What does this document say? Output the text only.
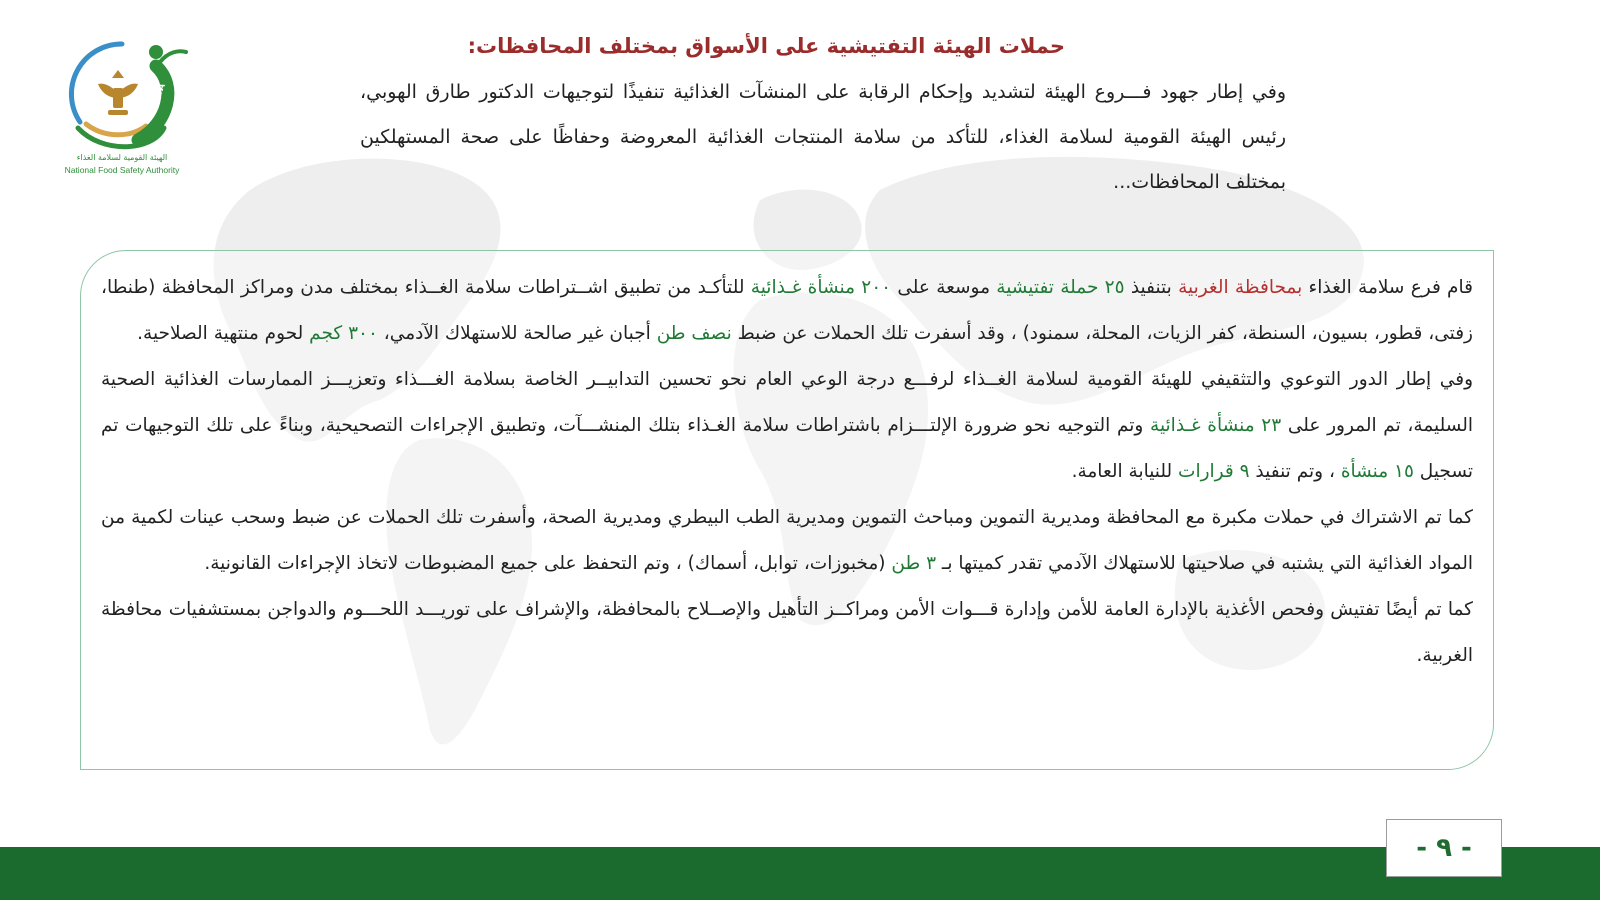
NFSA
الهيئة القومية لسلامة الغذاء
National Food Safety Authority
حملات الهيئة التفتيشية على الأسواق بمختلف المحافظات:
وفي إطار جهود فـــروع الهيئة لتشديد وإحكام الرقابة على المنشآت الغذائية تنفيذًا لتوجيهات الدكتور طارق الهوبي، رئيس الهيئة القومية لسلامة الغذاء، للتأكد من سلامة المنتجات الغذائية المعروضة وحفاظًا على صحة المستهلكين بمختلف المحافظات...

قام فرع سلامة الغذاء بمحافظة الغربية بتنفيذ ٢٥ حملة تفتيشية موسعة على ٢٠٠ منشأة غـذائية للتأكـد من تطبيق اشــتراطات سلامة الغــذاء بمختلف مدن ومراكز المحافظة (طنطا، زفتى، قطور، بسيون، السنطة، كفر الزيات، المحلة، سمنود) ، وقد أسفرت تلك الحملات عن ضبط نصف طن أجبان غير صالحة للاستهلاك الآدمي، ٣٠٠ كجم لحوم منتهية الصلاحية.

وفي إطار الدور التوعوي والتثقيفي للهيئة القومية لسلامة الغــذاء لرفـــع درجة الوعي العام نحو تحسين التدابيــر الخاصة بسلامة الغـــذاء وتعزيـــز الممارسات الغذائية الصحية السليمة، تم المرور على ٢٣ منشأة غـذائية وتم التوجيه نحو ضرورة الإلتـــزام باشتراطات سلامة الغـذاء بتلك المنشـــآت، وتطبيق الإجراءات التصحيحية، وبناءً على تلك التوجيهات تم تسجيل ١٥ منشأة ، وتم تنفيذ ٩ قرارات للنيابة العامة.

كما تم الاشتراك في حملات مكبرة مع المحافظة ومديرية التموين ومباحث التموين ومديرية الطب البيطري ومديرية الصحة، وأسفرت تلك الحملات عن ضبط وسحب عينات لكمية من المواد الغذائية التي يشتبه في صلاحيتها للاستهلاك الآدمي تقدر كميتها بـ ٣ طن (مخبوزات، توابل، أسماك) ، وتم التحفظ على جميع المضبوطات لاتخاذ الإجراءات القانونية.

كما تم أيضًا تفتيش وفحص الأغذية بالإدارة العامة للأمن وإدارة قـــوات الأمن ومراكــز التأهيل والإصــلاح بالمحافظة، والإشراف على توريـــد اللحـــوم والدواجن بمستشفيات محافظة الغربية.

- ٩ -
